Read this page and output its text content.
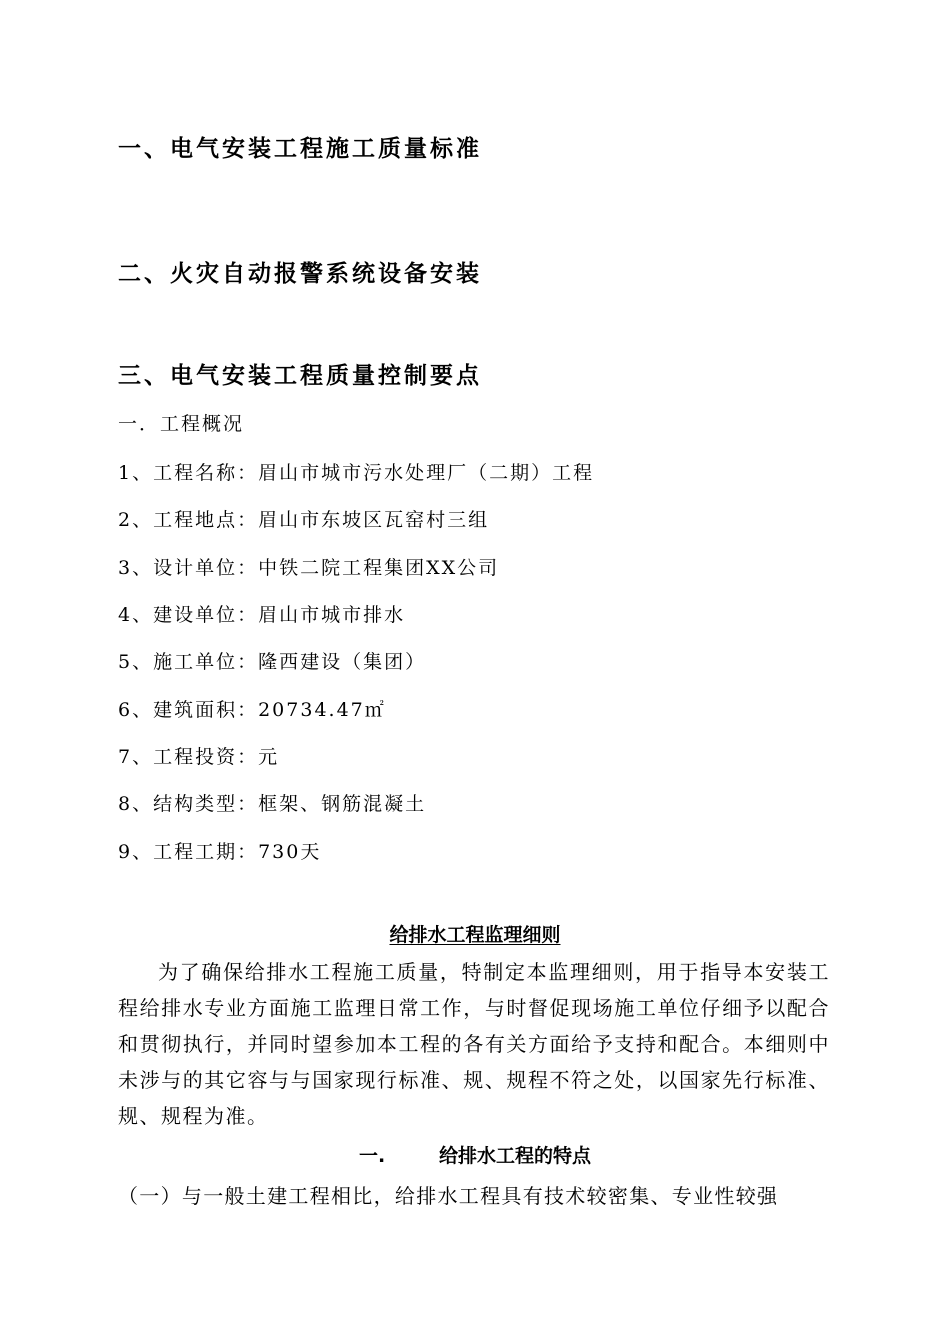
一、电气安装工程施工质量标准
二、火灾自动报警系统设备安装
三、电气安装工程质量控制要点

一．工程概况

1、工程名称：眉山市城市污水处理厂（二期）工程

2、工程地点：眉山市东坡区瓦窑村三组

3、设计单位：中铁二院工程集团XX公司

4、建设单位：眉山市城市排水

5、施工单位：隆西建设（集团）

6、建筑面积：20734.47㎡

7、工程投资：元

8、结构类型：框架、钢筋混凝土

9、工程工期：730天

给排水工程监理细则

为了确保给排水工程施工质量，特制定本监理细则，用于指导本安装工程给排水专业方面施工监理日常工作，与时督促现场施工单位仔细予以配合和贯彻执行，并同时望参加本工程的各有关方面给予支持和配合。本细则中未涉与的其它容与与国家现行标准、规、规程不符之处，以国家先行标准、规、规程为准。

一.	给排水工程的特点

（一）与一般土建工程相比，给排水工程具有技术较密集、专业性较强
